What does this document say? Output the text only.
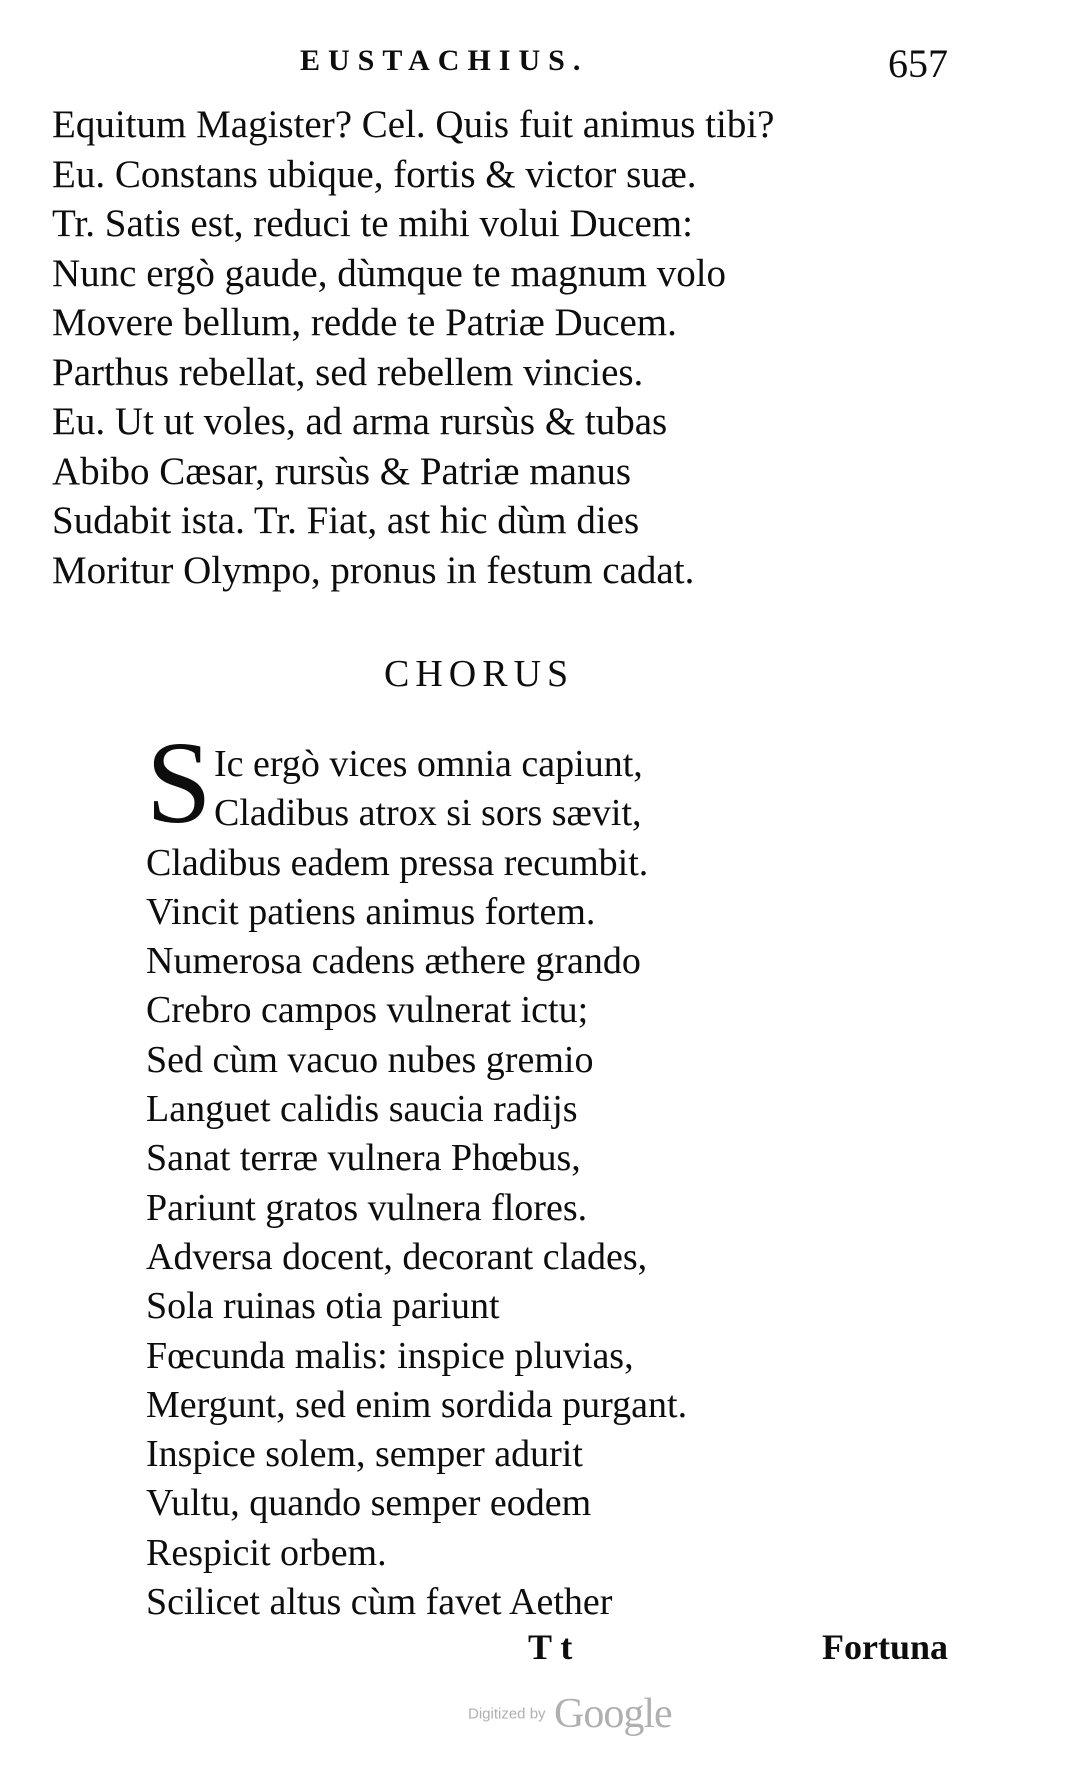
EUSTACHIUS.	657
Equitum Magister? Cel. Quis fuit animus tibi?
Eu. Constans ubique, fortis & victor suæ.
Tr. Satis est, reduci te mihi volui Ducem:
Nunc ergò gaude, dùmque te magnum volo
Movere bellum, redde te Patriæ Ducem.
Parthus rebellat, sed rebellem vincies.
Eu. Ut ut voles, ad arma rursùs & tubas
Abibo Cæsar, rursùs & Patriæ manus
Sudabit ista. Tr. Fiat, ast hic dùm dies
Moritur Olympo, pronus in festum cadat.
CHORUS
S Ic ergò vices omnia capiunt,
Cladibus atrox si sors sævit,
Cladibus eadem pressa recumbit.
Vincit patiens animus fortem.
Numerosa cadens æthere grando
Crebro campos vulnerat ictu;
Sed cùm vacuo nubes gremio
Languet calidis saucia radijs
Sanat terræ vulnera Phœbus,
Pariunt gratos vulnera flores.
Adversa docent, decorant clades,
Sola ruinas otia pariunt
Fœcunda malis: inspice pluvias,
Mergunt, sed enim sordida purgant.
Inspice solem, semper adurit
Vultu, quando semper eodem
Respicit orbem.
Scilicet altus cùm favet Aether
T t	Fortuna
Digitized by Google
